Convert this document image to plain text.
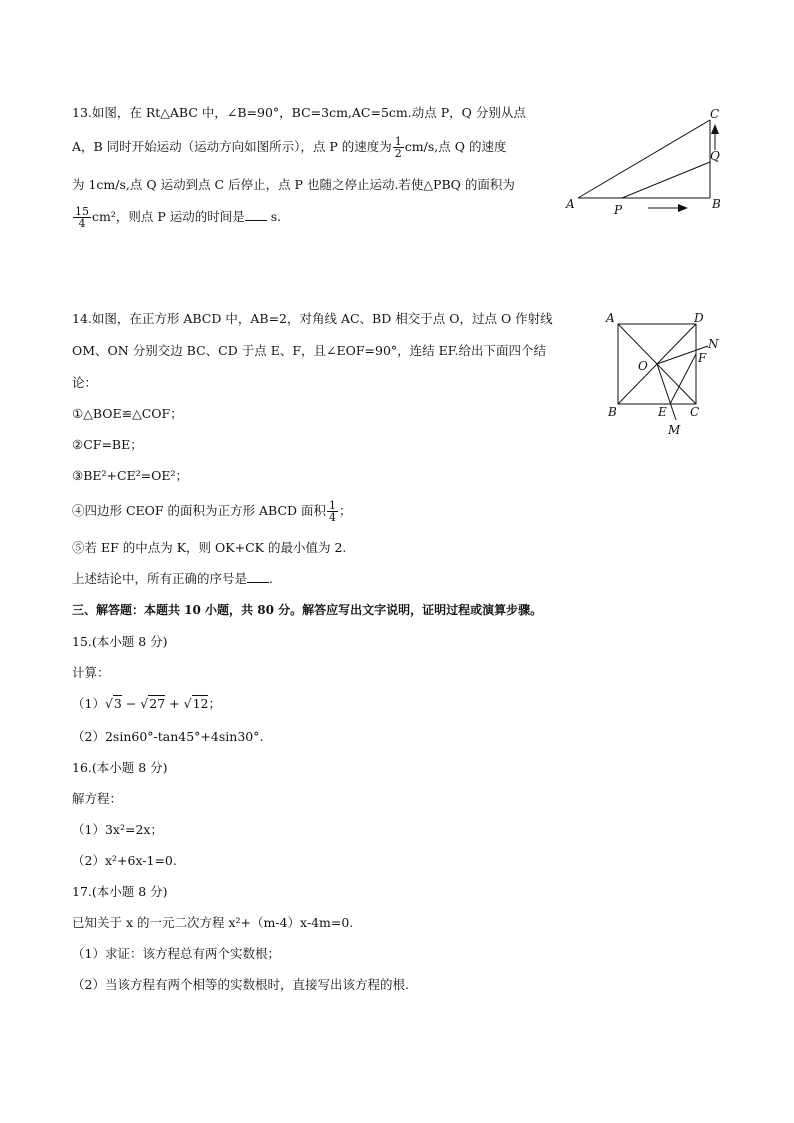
13.如图，在 Rt△ABC 中，∠B=90°，BC=3cm,AC=5cm.动点 P，Q 分别从点
A，B 同时开始运动（运动方向如图所示），点 P 的速度为 $\frac{1}{2} cm/s$,点 Q 的速度
为 1cm/s,点 Q 运动到点 C 后停止，点 P 也随之停止运动.若使△PBQ 的面积为
$\frac{15}{4} cm^2$，则点 P 运动的时间是 s.
A	B
C
P
Q
14.如图，在正方形 ABCD 中，AB=2，对角线 AC、BD 相交于点 O，过点 O 作射线
OM、ON 分别交边 BC、CD 于点 E、F，且∠EOF=90°，连结 EF.给出下面四个结
论：
①△BOE≌△COF；
②CF=BE；
③BE²+CE²=OE²；
④四边形 CEOF 的面积为正方形 ABCD 面积 $\frac{1}{4}$ ；
⑤若 EF 的中点为 K，则 OK+CK 的最小值为 2.
上述结论中，所有正确的序号是 .
A	D
B	C
O
E
F
N
M
三、解答题：本题共 10 小题，共 80 分。解答应写出文字说明，证明过程或演算步骤。
15.(本小题 8 分)
计算：
（1）√3 − √27 + √12；
（2）2sin60°-tan45°+4sin30°.
16.(本小题 8 分)
解方程：
（1）3x²=2x；
（2）x²+6x-1=0.
17.(本小题 8 分)
已知关于 x 的一元二次方程 x²+（m-4）x-4m=0.
（1）求证：该方程总有两个实数根；
（2）当该方程有两个相等的实数根时，直接写出该方程的根.
